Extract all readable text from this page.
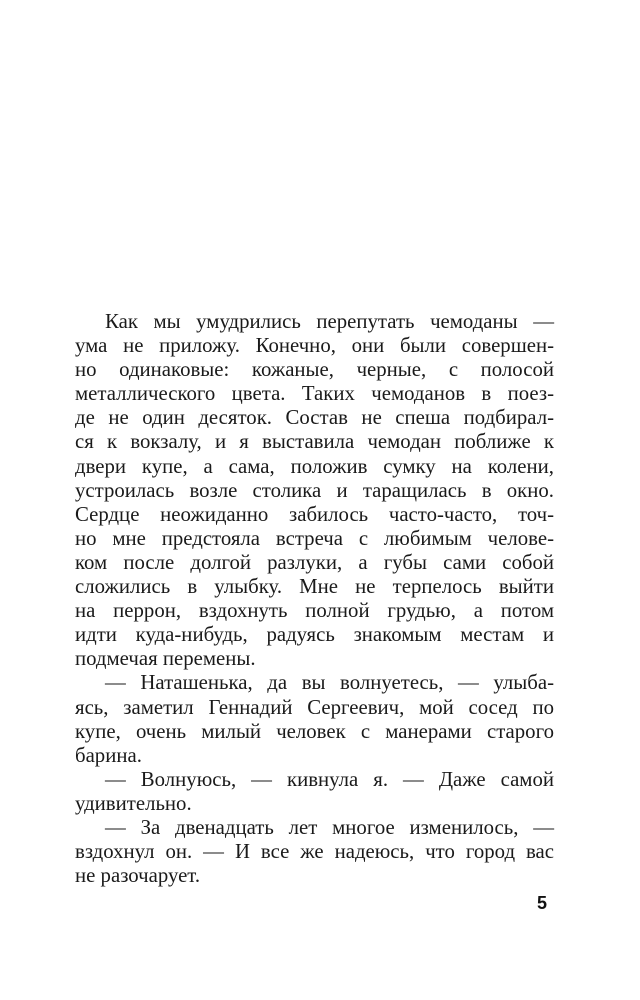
Как мы умудрились перепутать чемоданы —
ума не приложу. Конечно, они были совершен-
но одинаковые: кожаные, черные, с полосой
металлического цвета. Таких чемоданов в поез-
де не один десяток. Состав не спеша подбирал-
ся к вокзалу, и я выставила чемодан поближе к
двери купе, а сама, положив сумку на колени,
устроилась возле столика и таращилась в окно.
Сердце неожиданно забилось часто-часто, точ-
но мне предстояла встреча с любимым челове-
ком после долгой разлуки, а губы сами собой
сложились в улыбку. Мне не терпелось выйти
на перрон, вздохнуть полной грудью, а потом
идти куда-нибудь, радуясь знакомым местам и
подмечая перемены.
— Наташенька, да вы волнуетесь, — улыба-
ясь, заметил Геннадий Сергеевич, мой сосед по
купе, очень милый человек с манерами старого
барина.
— Волнуюсь, — кивнула я. — Даже самой
удивительно.
— За двенадцать лет многое изменилось, —
вздохнул он. — И все же надеюсь, что город вас
не разочарует.
5
